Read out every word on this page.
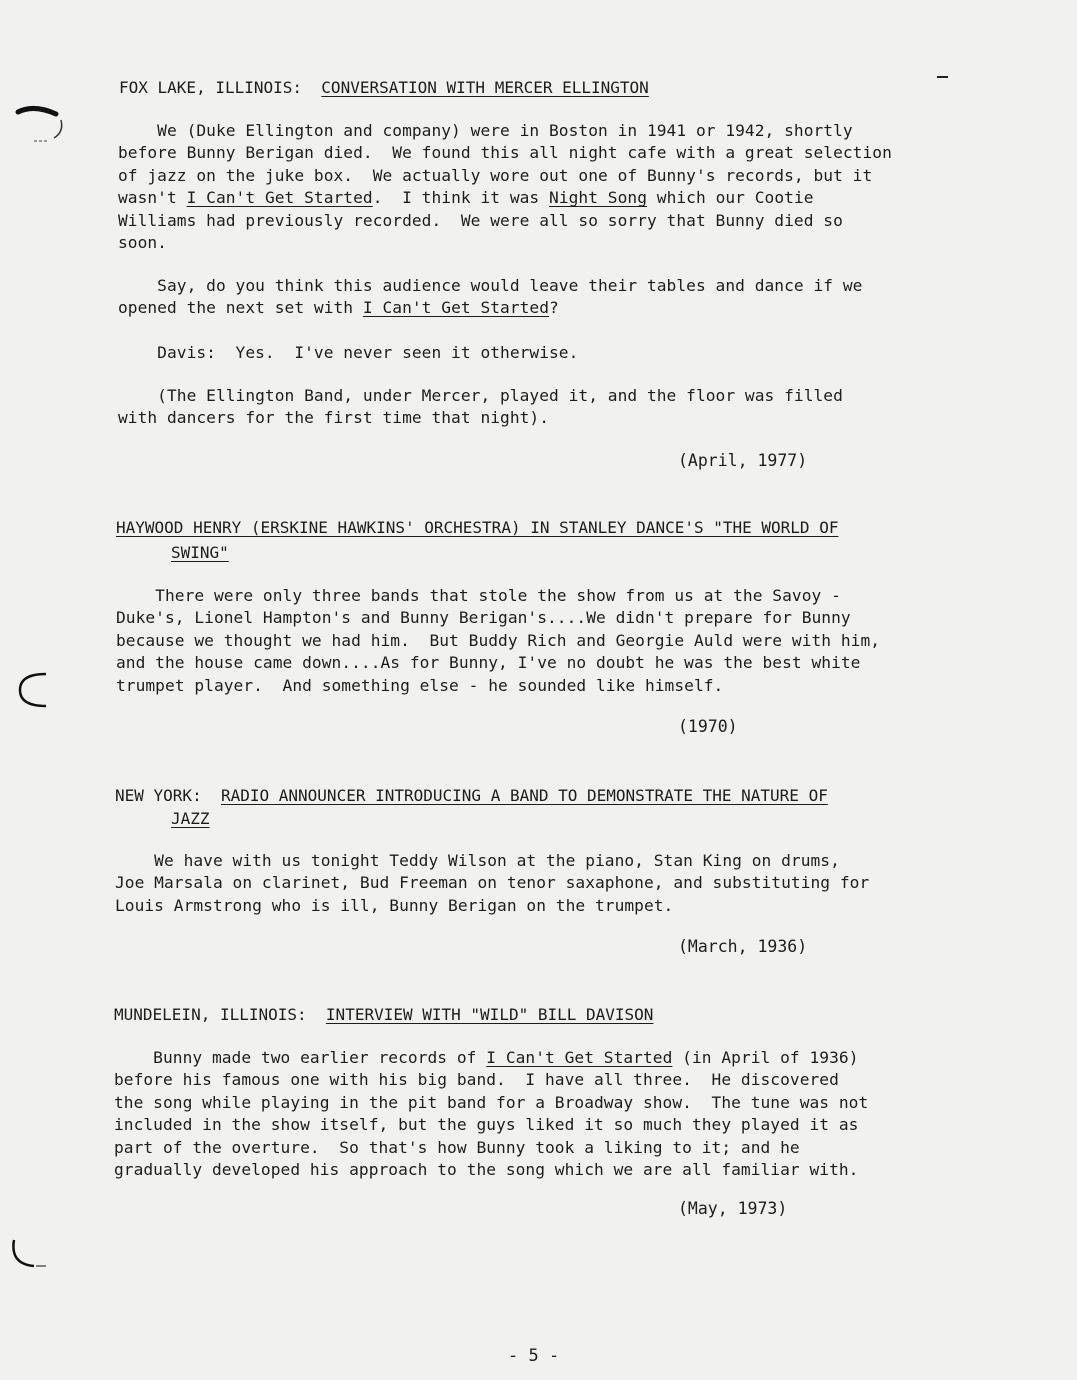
FOX LAKE, ILLINOIS: CONVERSATION WITH MERCER ELLINGTON
We (Duke Ellington and company) were in Boston in 1941 or 1942, shortly
before Bunny Berigan died.  We found this all night cafe with a great selection
of jazz on the juke box.  We actually wore out one of Bunny's records, but it
wasn't I Can't Get Started.  I think it was Night Song which our Cootie
Williams had previously recorded.  We were all so sorry that Bunny died so
soon.
Say, do you think this audience would leave their tables and dance if we
opened the next set with I Can't Get Started?
Davis:  Yes.  I've never seen it otherwise.
(The Ellington Band, under Mercer, played it, and the floor was filled
with dancers for the first time that night).
(April, 1977)
HAYWOOD HENRY (ERSKINE HAWKINS' ORCHESTRA) IN STANLEY DANCE'S "THE WORLD OF
SWING"
There were only three bands that stole the show from us at the Savoy -
Duke's, Lionel Hampton's and Bunny Berigan's....We didn't prepare for Bunny
because we thought we had him.  But Buddy Rich and Georgie Auld were with him,
and the house came down....As for Bunny, I've no doubt he was the best white
trumpet player.  And something else - he sounded like himself.
(1970)
NEW YORK: RADIO ANNOUNCER INTRODUCING A BAND TO DEMONSTRATE THE NATURE OF
JAZZ
We have with us tonight Teddy Wilson at the piano, Stan King on drums,
Joe Marsala on clarinet, Bud Freeman on tenor saxaphone, and substituting for
Louis Armstrong who is ill, Bunny Berigan on the trumpet.
(March, 1936)
MUNDELEIN, ILLINOIS: INTERVIEW WITH "WILD" BILL DAVISON
Bunny made two earlier records of I Can't Get Started (in April of 1936)
before his famous one with his big band.  I have all three.  He discovered
the song while playing in the pit band for a Broadway show.  The tune was not
included in the show itself, but the guys liked it so much they played it as
part of the overture.  So that's how Bunny took a liking to it; and he
gradually developed his approach to the song which we are all familiar with.
(May, 1973)
- 5 -
